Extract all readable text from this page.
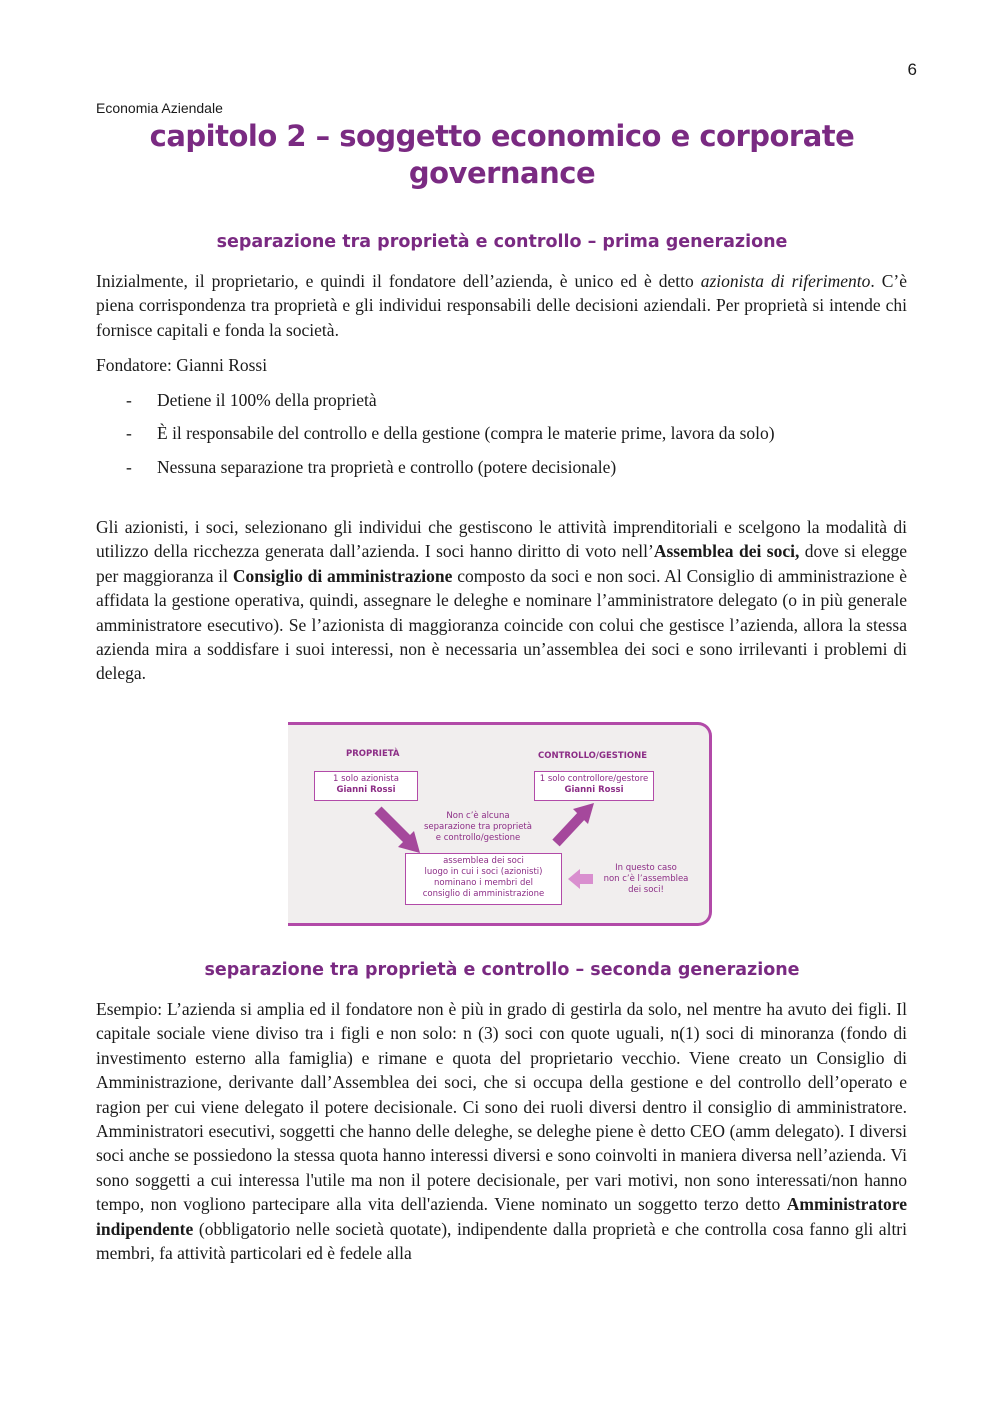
6
Economia Aziendale
capitolo 2 – soggetto economico e corporate governance
separazione tra proprietà e controllo – prima generazione

Inizialmente, il proprietario, e quindi il fondatore dell’azienda, è unico ed è detto azionista di riferimento. C’è piena corrispondenza tra proprietà e gli individui responsabili delle decisioni aziendali. Per proprietà si intende chi fornisce capitali e fonda la società.

Fondatore: Gianni Rossi

- Detiene il 100% della proprietà
- È il responsabile del controllo e della gestione (compra le materie prime, lavora da solo)
- Nessuna separazione tra proprietà e controllo (potere decisionale)

Gli azionisti, i soci, selezionano gli individui che gestiscono le attività imprenditoriali e scelgono la modalità di utilizzo della ricchezza generata dall’azienda. I soci hanno diritto di voto nell’Assemblea dei soci, dove si elegge per maggioranza il Consiglio di amministrazione composto da soci e non soci. Al Consiglio di amministrazione è affidata la gestione operativa, quindi, assegnare le deleghe e nominare l’amministratore delegato (o in più generale amministratore esecutivo). Se l’azionista di maggioranza coincide con colui che gestisce l’azienda, allora la stessa azienda mira a soddisfare i suoi interessi, non è necessaria un’assemblea dei soci e sono irrilevanti i problemi di delega.

PROPRIETÀ	CONTROLLO/GESTIONE
1 solo azionista
Gianni Rossi
1 solo controllore/gestore
Gianni Rossi
Non c’è alcuna
separazione tra proprietà
e controllo/gestione
assemblea dei soci
luogo in cui i soci (azionisti)
nominano i membri del
consiglio di amministrazione
In questo caso
non c’è l’assemblea
dei soci!
separazione tra proprietà e controllo – seconda generazione

Esempio: L’azienda si amplia ed il fondatore non è più in grado di gestirla da solo, nel mentre ha avuto dei figli. Il capitale sociale viene diviso tra i figli e non solo: n (3) soci con quote uguali, n(1) soci di minoranza (fondo di investimento esterno alla famiglia) e rimane e quota del proprietario vecchio. Viene creato un Consiglio di Amministrazione, derivante dall’Assemblea dei soci, che si occupa della gestione e del controllo dell’operato e ragion per cui viene delegato il potere decisionale. Ci sono dei ruoli diversi dentro il consiglio di amministratore. Amministratori esecutivi, soggetti che hanno delle deleghe, se deleghe piene è detto CEO (amm delegato). I diversi soci anche se possiedono la stessa quota hanno interessi diversi e sono coinvolti in maniera diversa nell’azienda. Vi sono soggetti a cui interessa l'utile ma non il potere decisionale, per vari motivi, non sono interessati/non hanno tempo, non vogliono partecipare alla vita dell'azienda. Viene nominato un soggetto terzo detto Amministratore indipendente (obbligatorio nelle società quotate), indipendente dalla proprietà e che controlla cosa fanno gli altri membri, fa attività particolari ed è fedele alla
